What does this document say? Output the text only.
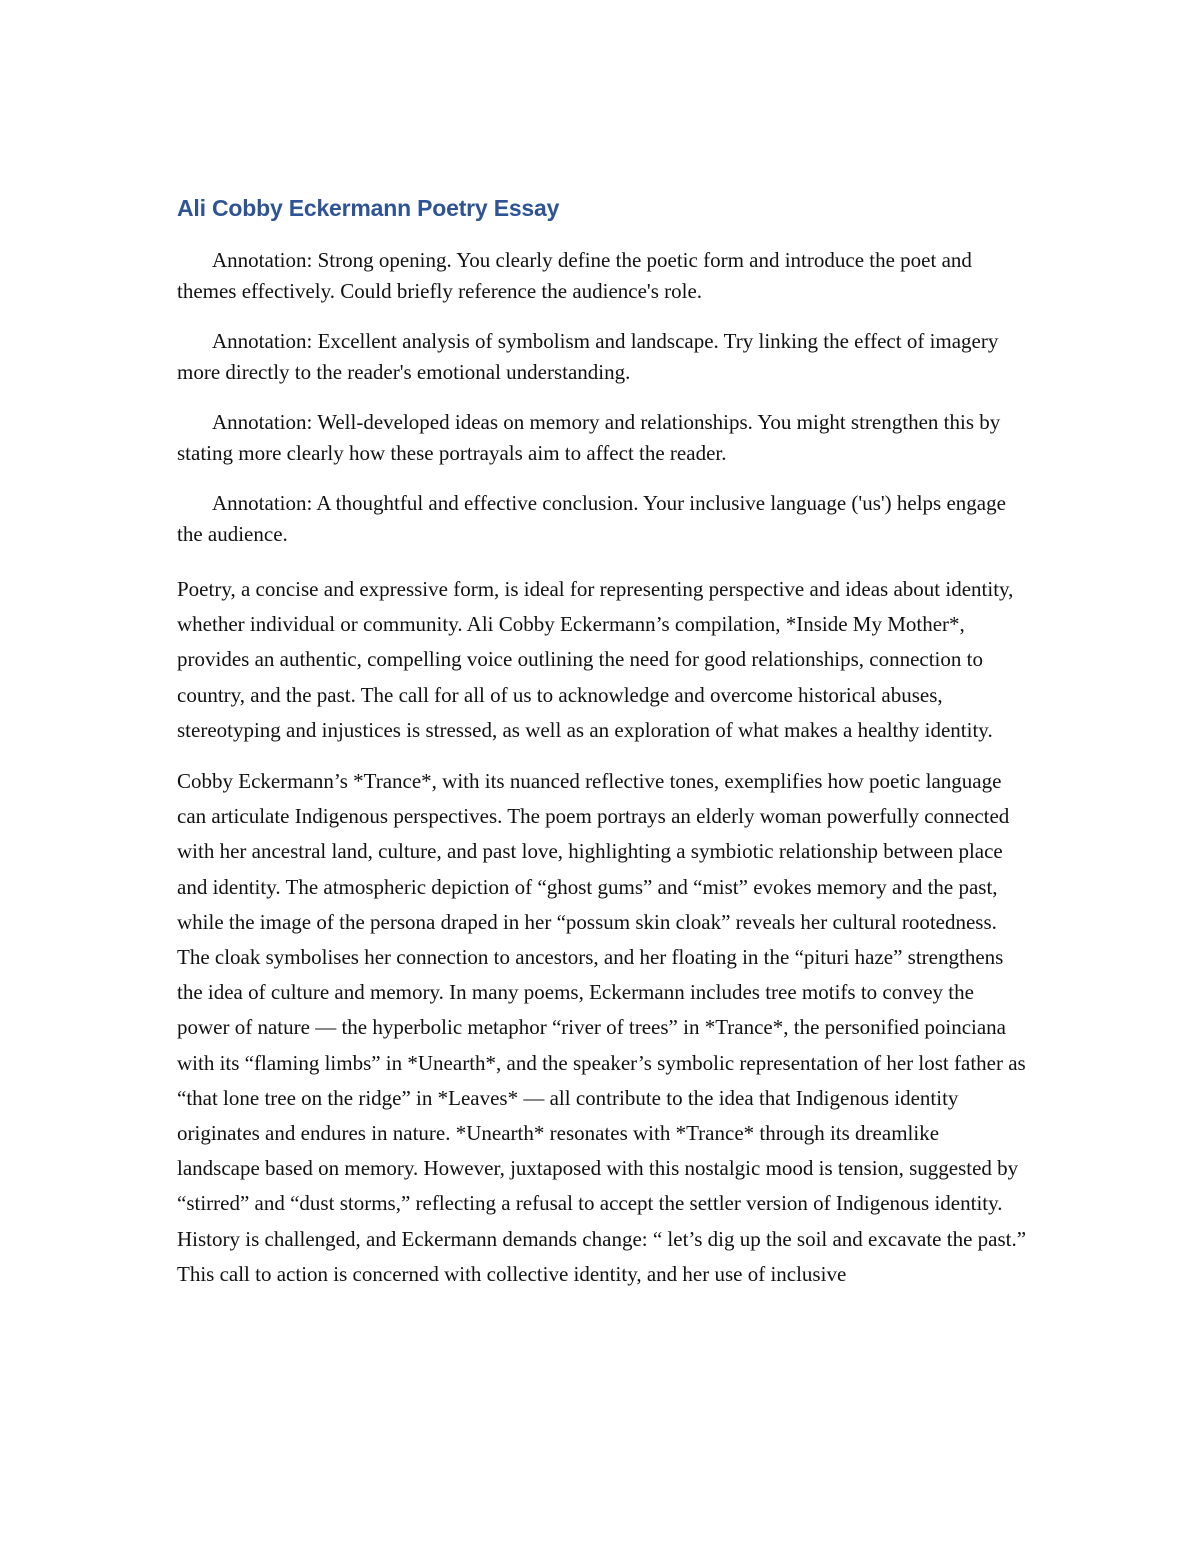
Ali Cobby Eckermann Poetry Essay

Annotation: Strong opening. You clearly define the poetic form and introduce the poet and themes effectively. Could briefly reference the audience's role.

Annotation: Excellent analysis of symbolism and landscape. Try linking the effect of imagery more directly to the reader's emotional understanding.

Annotation: Well-developed ideas on memory and relationships. You might strengthen this by stating more clearly how these portrayals aim to affect the reader.

Annotation: A thoughtful and effective conclusion. Your inclusive language ('us') helps engage the audience.

Poetry, a concise and expressive form, is ideal for representing perspective and ideas about identity, whether individual or community. Ali Cobby Eckermann’s compilation, *Inside My Mother*, provides an authentic, compelling voice outlining the need for good relationships, connection to country, and the past. The call for all of us to acknowledge and overcome historical abuses, stereotyping and injustices is stressed, as well as an exploration of what makes a healthy identity.

Cobby Eckermann’s *Trance*, with its nuanced reflective tones, exemplifies how poetic language can articulate Indigenous perspectives. The poem portrays an elderly woman powerfully connected with her ancestral land, culture, and past love, highlighting a symbiotic relationship between place and identity. The atmospheric depiction of “ghost gums” and “mist” evokes memory and the past, while the image of the persona draped in her “possum skin cloak” reveals her cultural rootedness. The cloak symbolises her connection to ancestors, and her floating in the “pituri haze” strengthens the idea of culture and memory. In many poems, Eckermann includes tree motifs to convey the power of nature — the hyperbolic metaphor “river of trees” in *Trance*, the personified poinciana with its “flaming limbs” in *Unearth*, and the speaker’s symbolic representation of her lost father as “that lone tree on the ridge” in *Leaves* — all contribute to the idea that Indigenous identity originates and endures in nature. *Unearth* resonates with *Trance* through its dreamlike landscape based on memory. However, juxtaposed with this nostalgic mood is tension, suggested by “stirred” and “dust storms,” reflecting a refusal to accept the settler version of Indigenous identity. History is challenged, and Eckermann demands change: “ let’s dig up the soil and excavate the past.” This call to action is concerned with collective identity, and her use of inclusive
